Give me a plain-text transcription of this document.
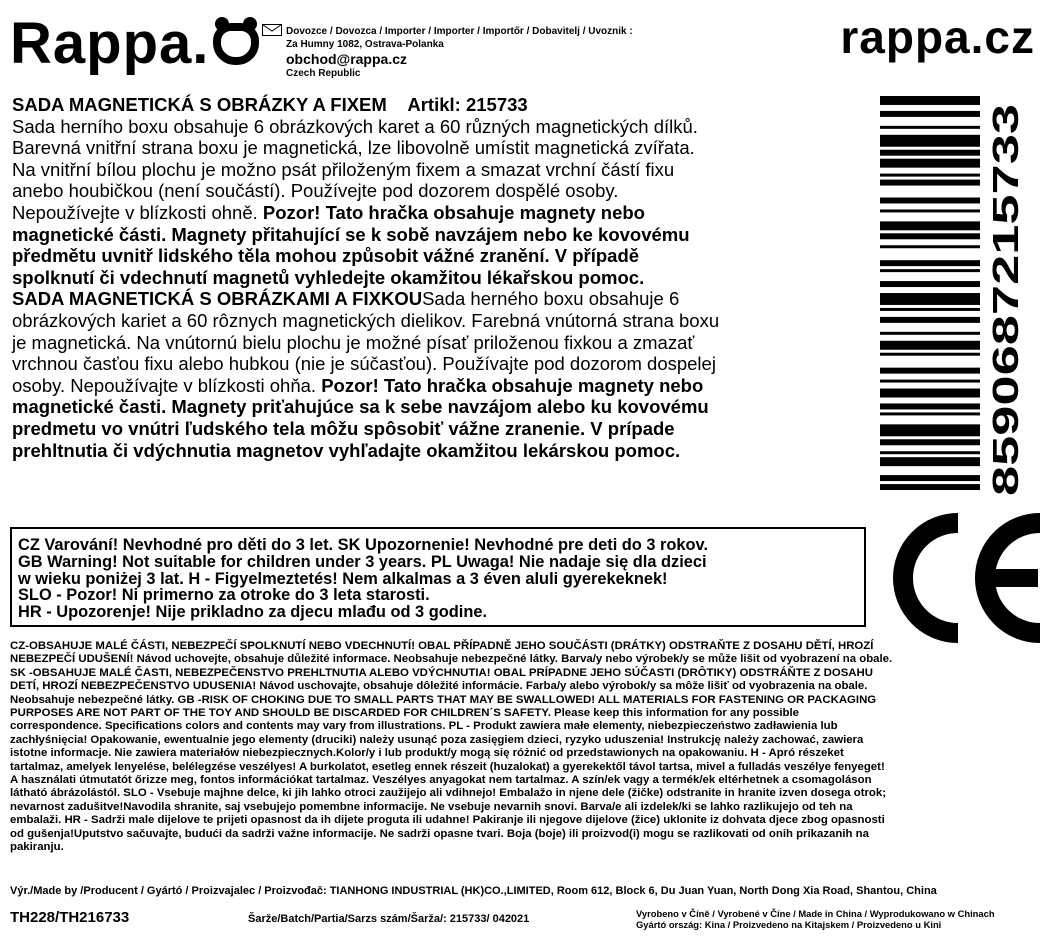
Rappa.	Dovozce / Dovozca / Importer / Importer / Importőr / Dobavitelj / Uvoznik :
Za Humny 1082, Ostrava-Polanka
obchod@rappa.cz
Czech Republic
rappa.cz
SADA MAGNETICKÁ S OBRÁZKY A FIXEM Artikl: 215733
Sada herního boxu obsahuje 6 obrázkových karet a 60 různých magnetických dílků.
Barevná vnitřní strana boxu je magnetická, lze libovolně umístit magnetická zvířata.
Na vnitřní bílou plochu je možno psát přiloženým fixem a smazat vrchní částí fixu
anebo houbičkou (není součástí). Používejte pod dozorem dospělé osoby.
Nepoužívejte v blízkosti ohně. Pozor! Tato hračka obsahuje magnety nebo
magnetické části. Magnety přitahující se k sobě navzájem nebo ke kovovému
předmětu uvnitř lidského těla mohou způsobit vážné zranění. V případě
spolknutí či vdechnutí magnetů vyhledejte okamžitou lékařskou pomoc.
SADA MAGNETICKÁ S OBRÁZKAMI A FIXKOUSada herného boxu obsahuje 6
obrázkových kariet a 60 rôznych magnetických dielikov. Farebná vnútorná strana boxu
je magnetická. Na vnútornú bielu plochu je možné písať priloženou fixkou a zmazať
vrchnou časťou fixu alebo hubkou (nie je súčasťou). Používajte pod dozorom dospelej
osoby. Nepoužívajte v blízkosti ohňa. Pozor! Tato hračka obsahuje magnety nebo
magnetické časti. Magnety priťahujúce sa k sebe navzájom alebo ku kovovému
predmetu vo vnútri ľudského tela môžu spôsobiť vážne zranenie. V prípade
prehltnutia či vdýchnutia magnetov vyhľadajte okamžitou lekárskou pomoc.	8590687215733
CZ Varování! Nevhodné pro děti do 3 let. SK Upozornenie! Nevhodné pre deti do 3 rokov.
GB Warning! Not suitable for children under 3 years. PL Uwaga! Nie nadaje się dla dzieci
w wieku poniżej 3 lat. H - Figyelmeztetés! Nem alkalmas a 3 éven aluli gyerekeknek!
SLO - Pozor! Ni primerno za otroke do 3 leta starosti.
HR - Upozorenje! Nije prikladno za djecu mlađu od 3 godine.
CZ-OBSAHUJE MALÉ ČÁSTI, NEBEZPEČÍ SPOLKNUTÍ NEBO VDECHNUTÍ! OBAL PŘÍPADNĚ JEHO SOUČÁSTI (DRÁTKY) ODSTRAŇTE Z DOSAHU DĚTÍ, HROZÍ
NEBEZPEČÍ UDUŠENÍ! Návod uchovejte, obsahuje důležité informace. Neobsahuje nebezpečné látky. Barva/y nebo výrobek/y se může lišit od vyobrazení na obale.
SK -OBSAHUJE MALÉ ČASTI, NEBEZPEČENSTVO PREHLTNUTIA ALEBO VDÝCHNUTIA! OBAL PRÍPADNE JEHO SÚČASTI (DRÔTIKY) ODSTRÁŇTE Z DOSAHU
DETÍ, HROZÍ NEBEZPEČENSTVO UDUSENIA! Návod uschovajte, obsahuje dôležité informácie. Farba/y alebo výrobok/y sa môže lišiť od vyobrazenia na obale.
Neobsahuje nebezpečné látky. GB -RISK OF CHOKING DUE TO SMALL PARTS THAT MAY BE SWALLOWED! ALL MATERIALS FOR FASTENING OR PACKAGING
PURPOSES ARE NOT PART OF THE TOY AND SHOULD BE DISCARDED FOR CHILDREN´S SAFETY. Please keep this information for any possible
correspondence. Specifications colors and contents may vary from illustrations. PL - Produkt zawiera małe elementy, niebezpieczeństwo zadławienia lub
zachłyśnięcia! Opakowanie, ewentualnie jego elementy (druciki) należy usunąć poza zasięgiem dzieci, ryzyko uduszenia! Instrukcję należy zachować, zawiera
istotne informacje. Nie zawiera materiałów niebezpiecznych.Kolor/y i lub produkt/y mogą się różnić od przedstawionych na opakowaniu. H - Apró részeket
tartalmaz, amelyek lenyelése, belélegzése veszélyes! A burkolatot, esetleg ennek részeit (huzalokat) a gyerekektől távol tartsa, mivel a fulladás veszélye fenyeget!
A használati útmutatót őrizze meg, fontos információkat tartalmaz. Veszélyes anyagokat nem tartalmaz. A szín/ek vagy a termék/ek eltérhetnek a csomagoláson
látható ábrázolástól. SLO - Vsebuje majhne delce, ki jih lahko otroci zaužijejo ali vdihnejo! Embalažo in njene dele (žičke) odstranite in hranite izven dosega otrok;
nevarnost zadušitve!Navodila shranite, saj vsebujejo pomembne informacije. Ne vsebuje nevarnih snovi. Barva/e ali izdelek/ki se lahko razlikujejo od teh na
embalaži. HR - Sadrži male dijelove te prijeti opasnost da ih dijete proguta ili udahne! Pakiranje ili njegove dijelove (žice) uklonite iz dohvata djece zbog opasnosti
od gušenja!Uputstvo sačuvajte, budući da sadrži važne informacije. Ne sadrži opasne tvari. Boja (boje) ili proizvod(i) mogu se razlikovati od onih prikazanih na
pakiranju.
Výr./Made by /Producent / Gyártó / Proizvajalec / Proizvođač: TIANHONG INDUSTRIAL (HK)CO.,LIMITED, Room 612, Block 6, Du Juan Yuan, North Dong Xia Road, Shantou, China
TH228/TH216733	Šarže/Batch/Partia/Sarzs szám/Šarža/: 215733/ 042021	Vyrobeno v Číně / Vyrobené v Číne / Made in China / Wyprodukowano w Chinach
Gyártó ország: Kina / Proizvedeno na Kitajskem / Proizvedeno u Kini
